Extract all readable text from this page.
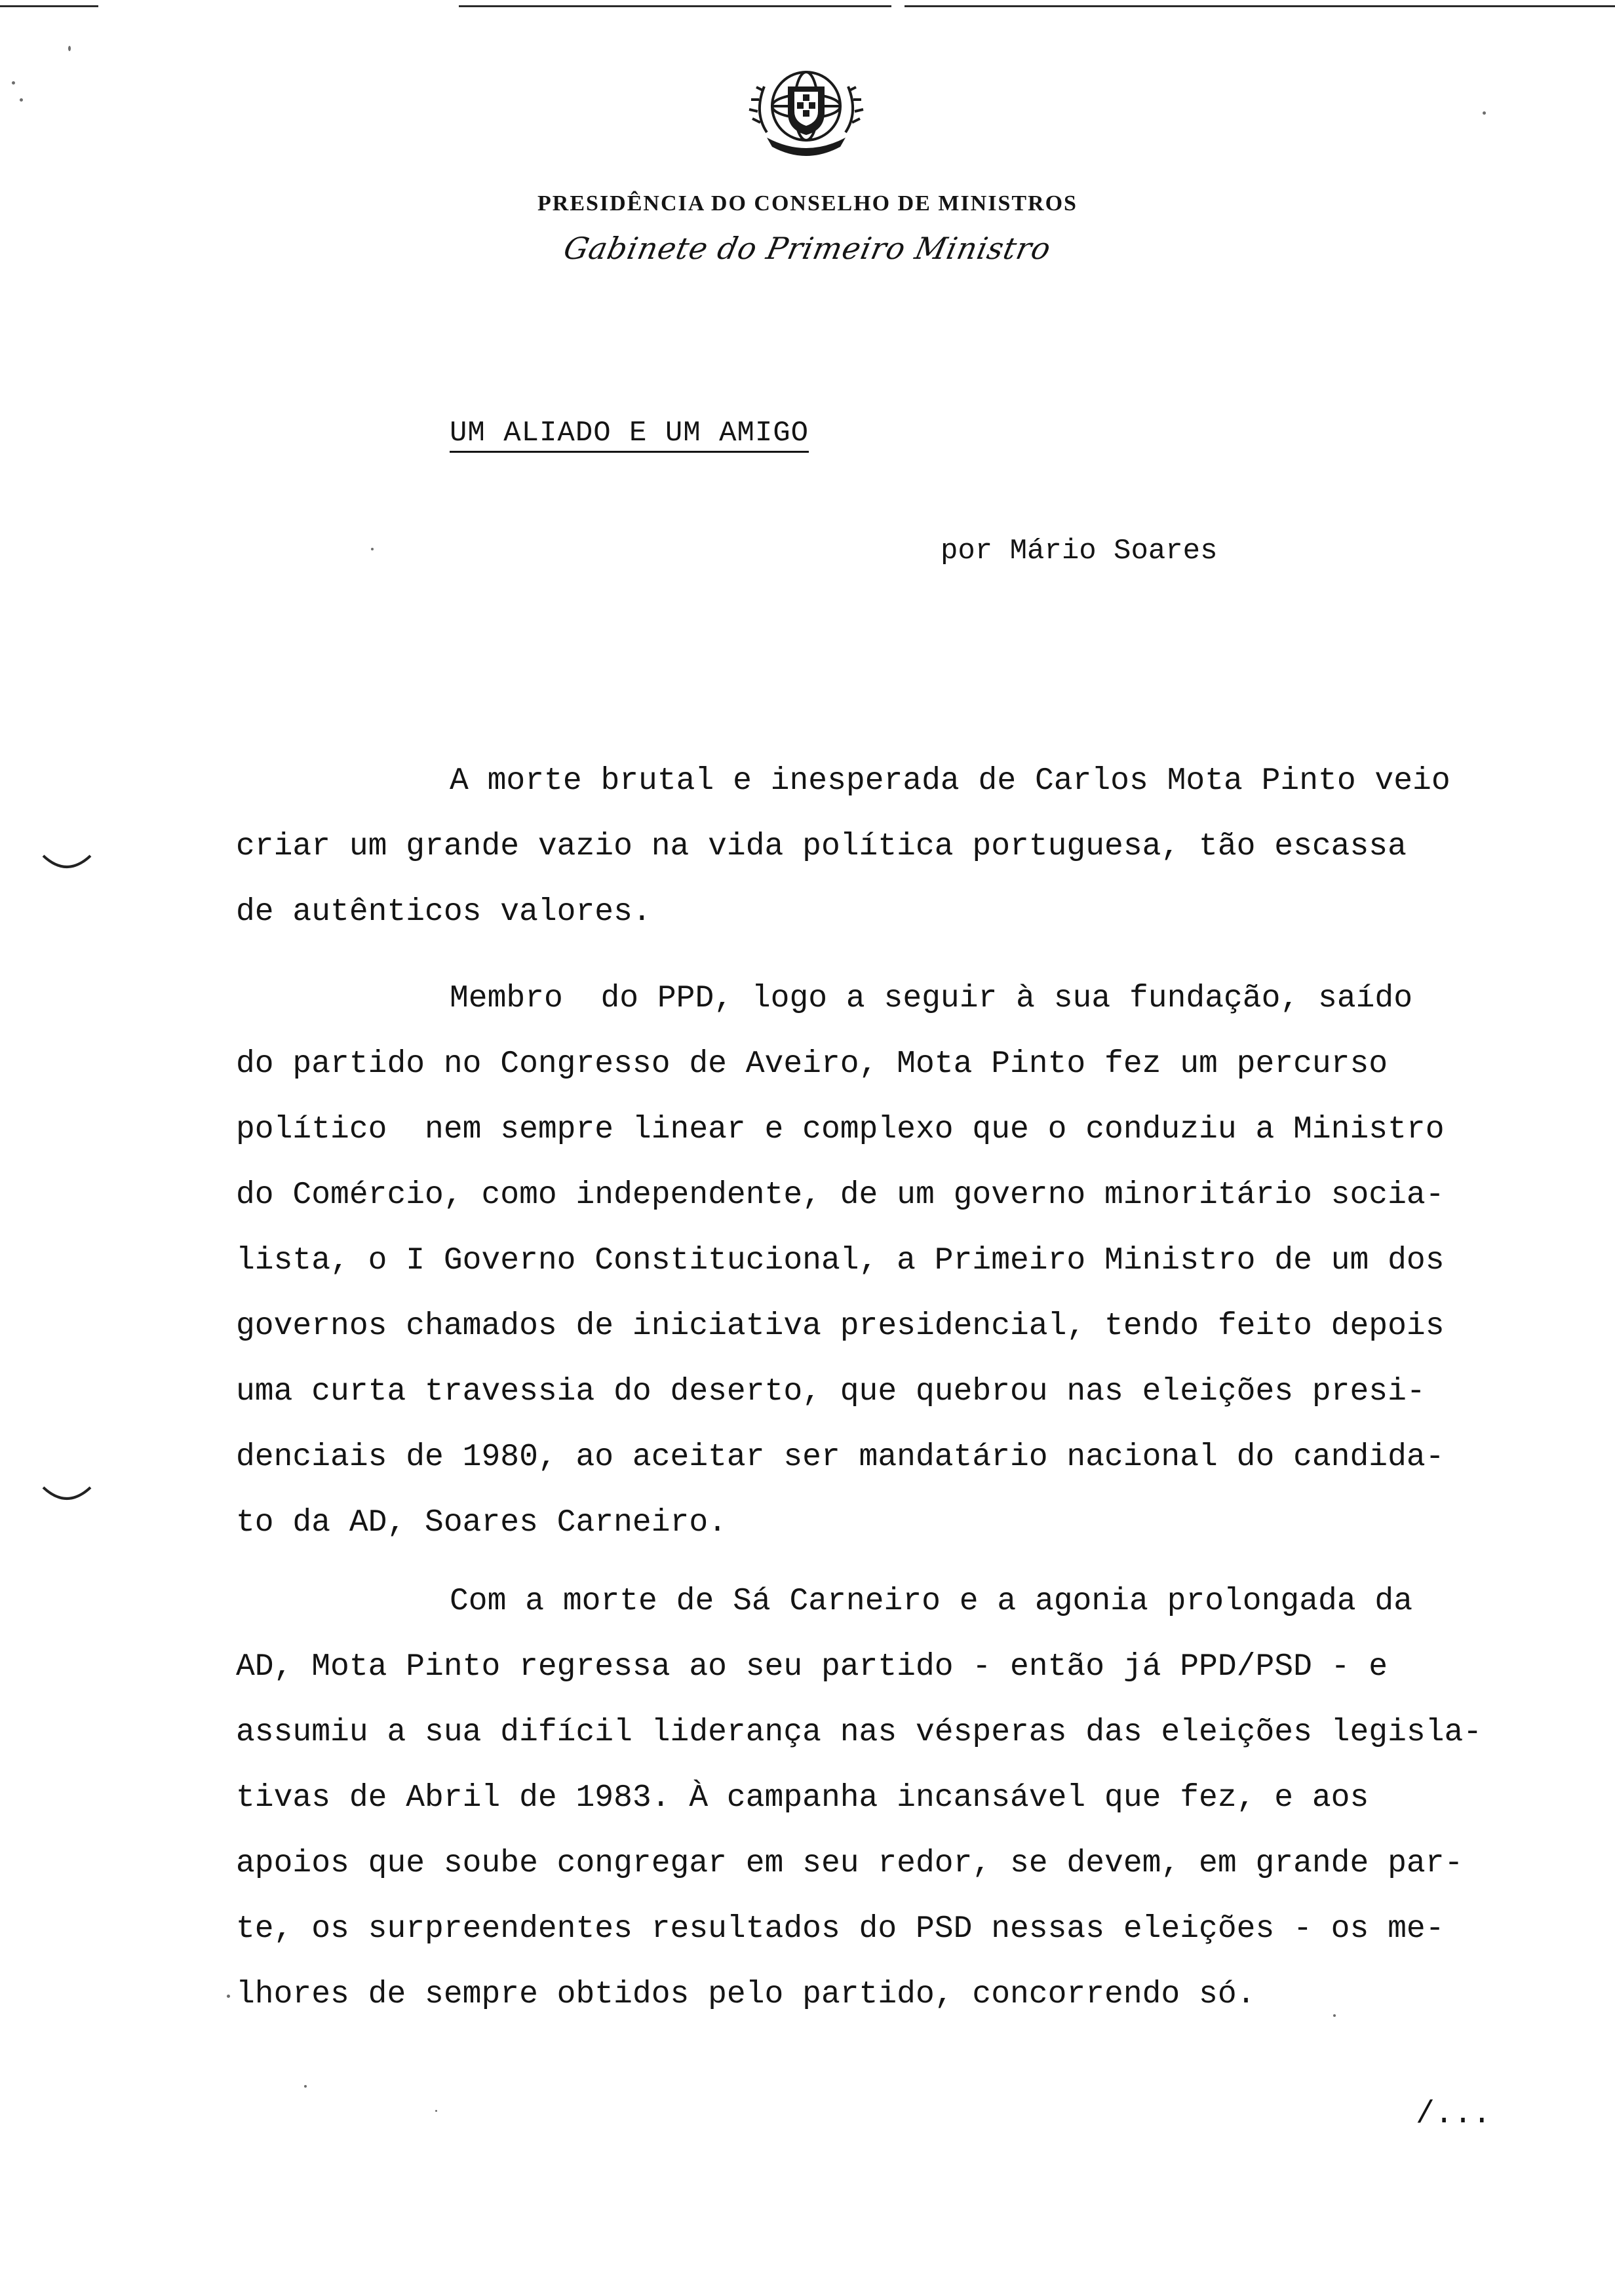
PRESIDÊNCIA DO CONSELHO DE MINISTROS
Gabinete do Primeiro Ministro
UM ALIADO E UM AMIGO
por Mário Soares
A morte brutal e inesperada de Carlos Mota Pinto veio
criar um grande vazio na vida política portuguesa, tão escassa
de autênticos valores.
Membro  do PPD, logo a seguir à sua fundação, saído
do partido no Congresso de Aveiro, Mota Pinto fez um percurso
político  nem sempre linear e complexo que o conduziu a Ministro
do Comércio, como independente, de um governo minoritário socia-
lista, o I Governo Constitucional, a Primeiro Ministro de um dos
governos chamados de iniciativa presidencial, tendo feito depois
uma curta travessia do deserto, que quebrou nas eleições presi-
denciais de 1980, ao aceitar ser mandatário nacional do candida-
to da AD, Soares Carneiro.
Com a morte de Sá Carneiro e a agonia prolongada da
AD, Mota Pinto regressa ao seu partido - então já PPD/PSD - e
assumiu a sua difícil liderança nas vésperas das eleições legisla-
tivas de Abril de 1983. À campanha incansável que fez, e aos
apoios que soube congregar em seu redor, se devem, em grande par-
te, os surpreendentes resultados do PSD nessas eleições - os me-
lhores de sempre obtidos pelo partido, concorrendo só.
/...
